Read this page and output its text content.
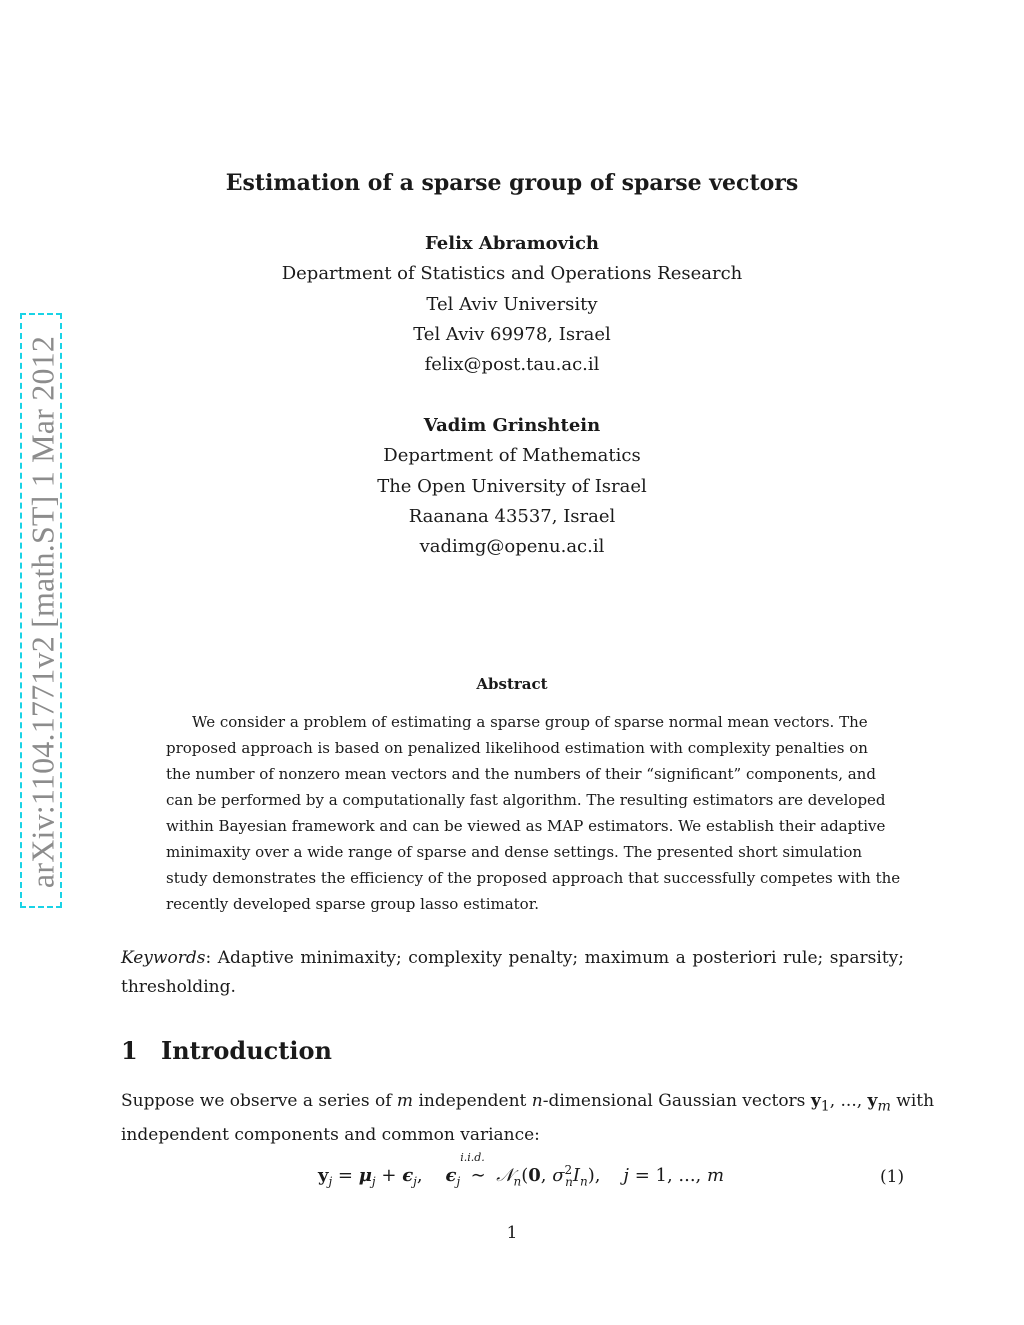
arXiv:1104.1771v2 [math.ST] 1 Mar 2012
Estimation of a sparse group of sparse vectors
Felix Abramovich
Department of Statistics and Operations Research
Tel Aviv University
Tel Aviv 69978, Israel
felix@post.tau.ac.il
Vadim Grinshtein
Department of Mathematics
The Open University of Israel
Raanana 43537, Israel
vadimg@openu.ac.il
Abstract
We consider a problem of estimating a sparse group of sparse normal mean vectors. The
proposed approach is based on penalized likelihood estimation with complexity penalties on
the number of nonzero mean vectors and the numbers of their “significant” components, and
can be performed by a computationally fast algorithm. The resulting estimators are developed
within Bayesian framework and can be viewed as MAP estimators. We establish their adaptive
minimaxity over a wide range of sparse and dense settings. The presented short simulation
study demonstrates the efficiency of the proposed approach that successfully competes with the
recently developed sparse group lasso estimator.
Keywords: Adaptive minimaxity; complexity penalty; maximum a posteriori rule; sparsity;
thresholding.
1 Introduction
Suppose we observe a series of m independent n-dimensional Gaussian vectors $y_1$, ..., $y_m$ with
independent components and common variance:
$y_j = \mu_j + \epsilon_j$,    $\epsilon_j$
i.i.d.
∼ 𝒩$_n$(0, $\sigma^2_nI_n$),    j = 1, ..., m	(1)
1
